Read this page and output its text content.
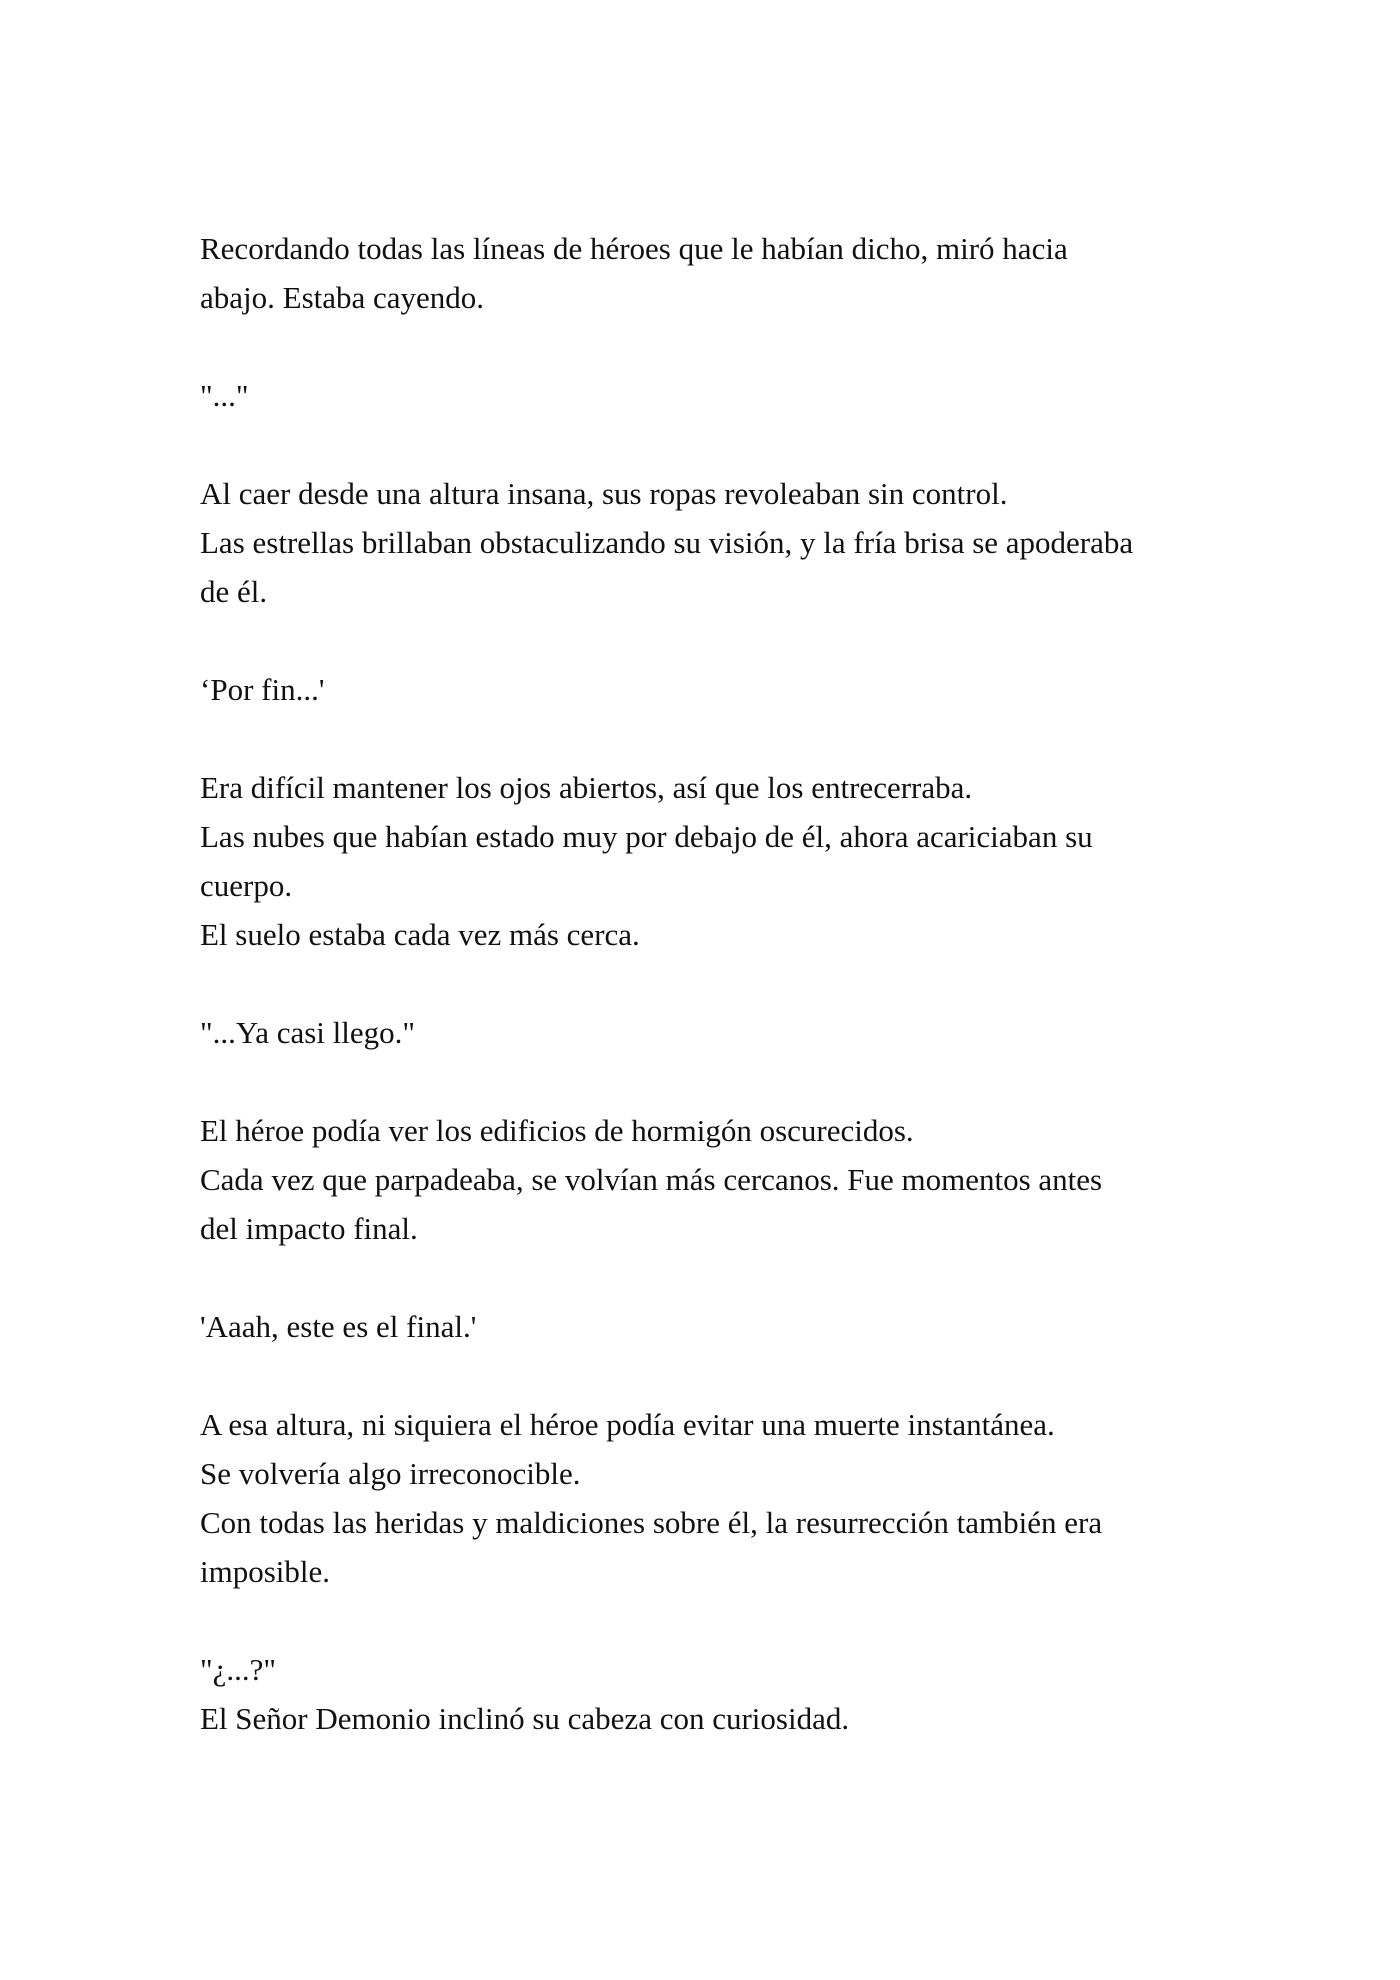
Recordando todas las líneas de héroes que le habían dicho, miró hacia
abajo. Estaba cayendo.

"..."

Al caer desde una altura insana, sus ropas revoleaban sin control.
Las estrellas brillaban obstaculizando su visión, y la fría brisa se apoderaba
de él.

‘Por fin...'

Era difícil mantener los ojos abiertos, así que los entrecerraba.
Las nubes que habían estado muy por debajo de él, ahora acariciaban su
cuerpo.
El suelo estaba cada vez más cerca.

"...Ya casi llego."

El héroe podía ver los edificios de hormigón oscurecidos.
Cada vez que parpadeaba, se volvían más cercanos. Fue momentos antes
del impacto final.

'Aaah, este es el final.'

A esa altura, ni siquiera el héroe podía evitar una muerte instantánea.
Se volvería algo irreconocible.
Con todas las heridas y maldiciones sobre él, la resurrección también era
imposible.

"¿...?"
El Señor Demonio inclinó su cabeza con curiosidad.
